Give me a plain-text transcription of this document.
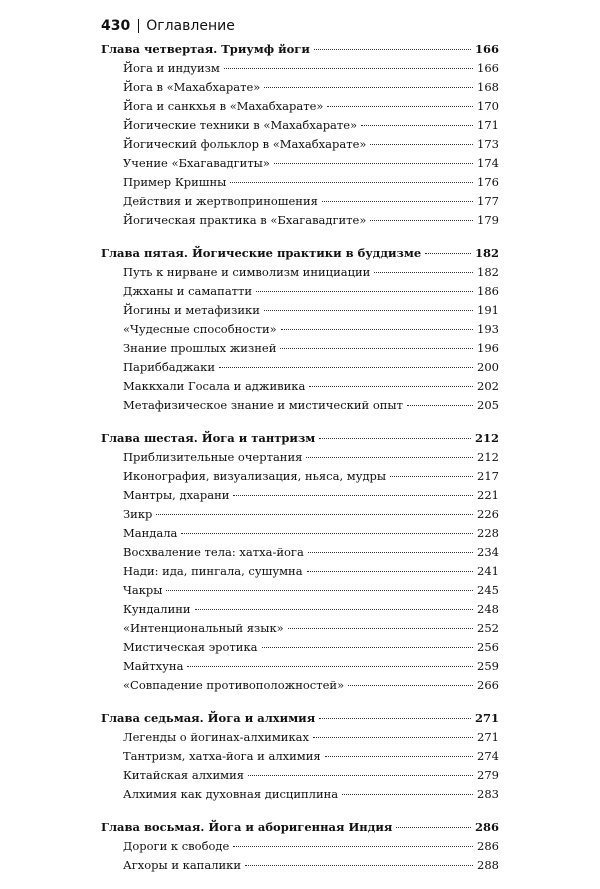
430 Оглавление
Глава четвертая. Триумф йоги	166
Йога и индуизм	166
Йога в «Махабхарате»	168
Йога и санкхья в «Махабхарате»	170
Йогические техники в «Махабхарате»	171
Йогический фольклор в «Махабхарате»	173
Учение «Бхагавадгиты»	174
Пример Кришны	176
Действия и жертвоприношения	177
Йогическая практика в «Бхагавадгите»	179
Глава пятая. Йогические практики в буддизме	182
Путь к нирване и символизм инициации	182
Джханы и самапатти	186
Йогины и метафизики	191
«Чудесные способности»	193
Знание прошлых жизней	196
Париббаджаки	200
Маккхали Госала и адживика	202
Метафизическое знание и мистический опыт	205
Глава шестая. Йога и тантризм	212
Приблизительные очертания	212
Иконография, визуализация, ньяса, мудры	217
Мантры, дхарани	221
Зикр	226
Мандала	228
Восхваление тела: хатха-йога	234
Нади: ида, пингала, сушумна	241
Чакры	245
Кундалини	248
«Интенциональный язык»	252
Мистическая эротика	256
Майтхуна	259
«Совпадение противоположностей»	266
Глава седьмая. Йога и алхимия	271
Легенды о йогинах-алхимиках	271
Тантризм, хатха-йога и алхимия	274
Китайская алхимия	279
Алхимия как духовная дисциплина	283
Глава восьмая. Йога и аборигенная Индия	286
Дороги к свободе	286
Агхоры и капалики	288
